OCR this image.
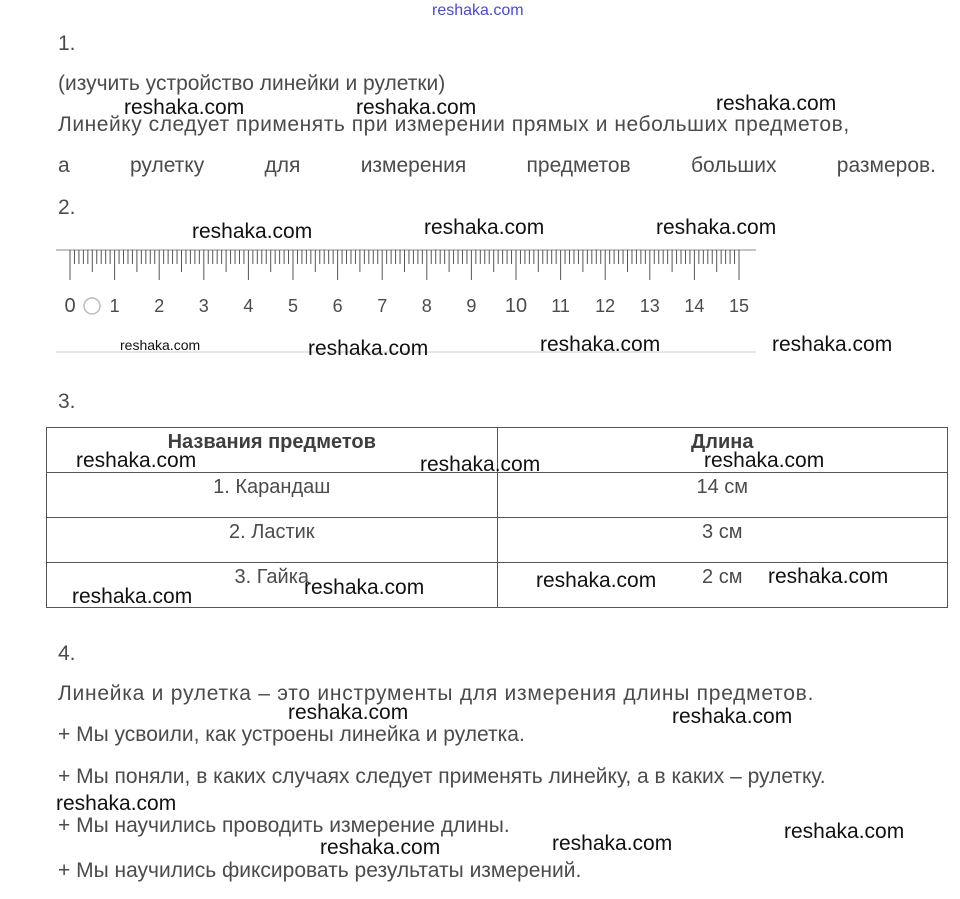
reshaka.com
1.
(изучить устройство линейки и рулетки)
Линейку следует применять при измерении прямых и небольших предметов,
а	рулетку	для	измерения	предметов	больших	размеров.
2.
0 1 2 3 4 5 6 7 8 9 10 11 12 13 14 15
3.
Названия предметов	Длина
1. Карандаш	14 см
2. Ластик	3 см
3. Гайка	2 см
4.
Линейка и рулетка – это инструменты для измерения длины предметов.
+ Мы усвоили, как устроены линейка и рулетка.
+ Мы поняли, в каких случаях следует применять линейку, а в каких – рулетку.
+ Мы научились проводить измерение длины.
+ Мы научились фиксировать результаты измерений.
reshaka.com	reshaka.com	reshaka.com
reshaka.com	reshaka.com	reshaka.com
reshaka.com	reshaka.com	reshaka.com	reshaka.com
reshaka.com	reshaka.com	reshaka.com
reshaka.com	reshaka.com
reshaka.com
reshaka.com
reshaka.com	reshaka.com
reshaka.com
reshaka.com
reshaka.com
reshaka.com
